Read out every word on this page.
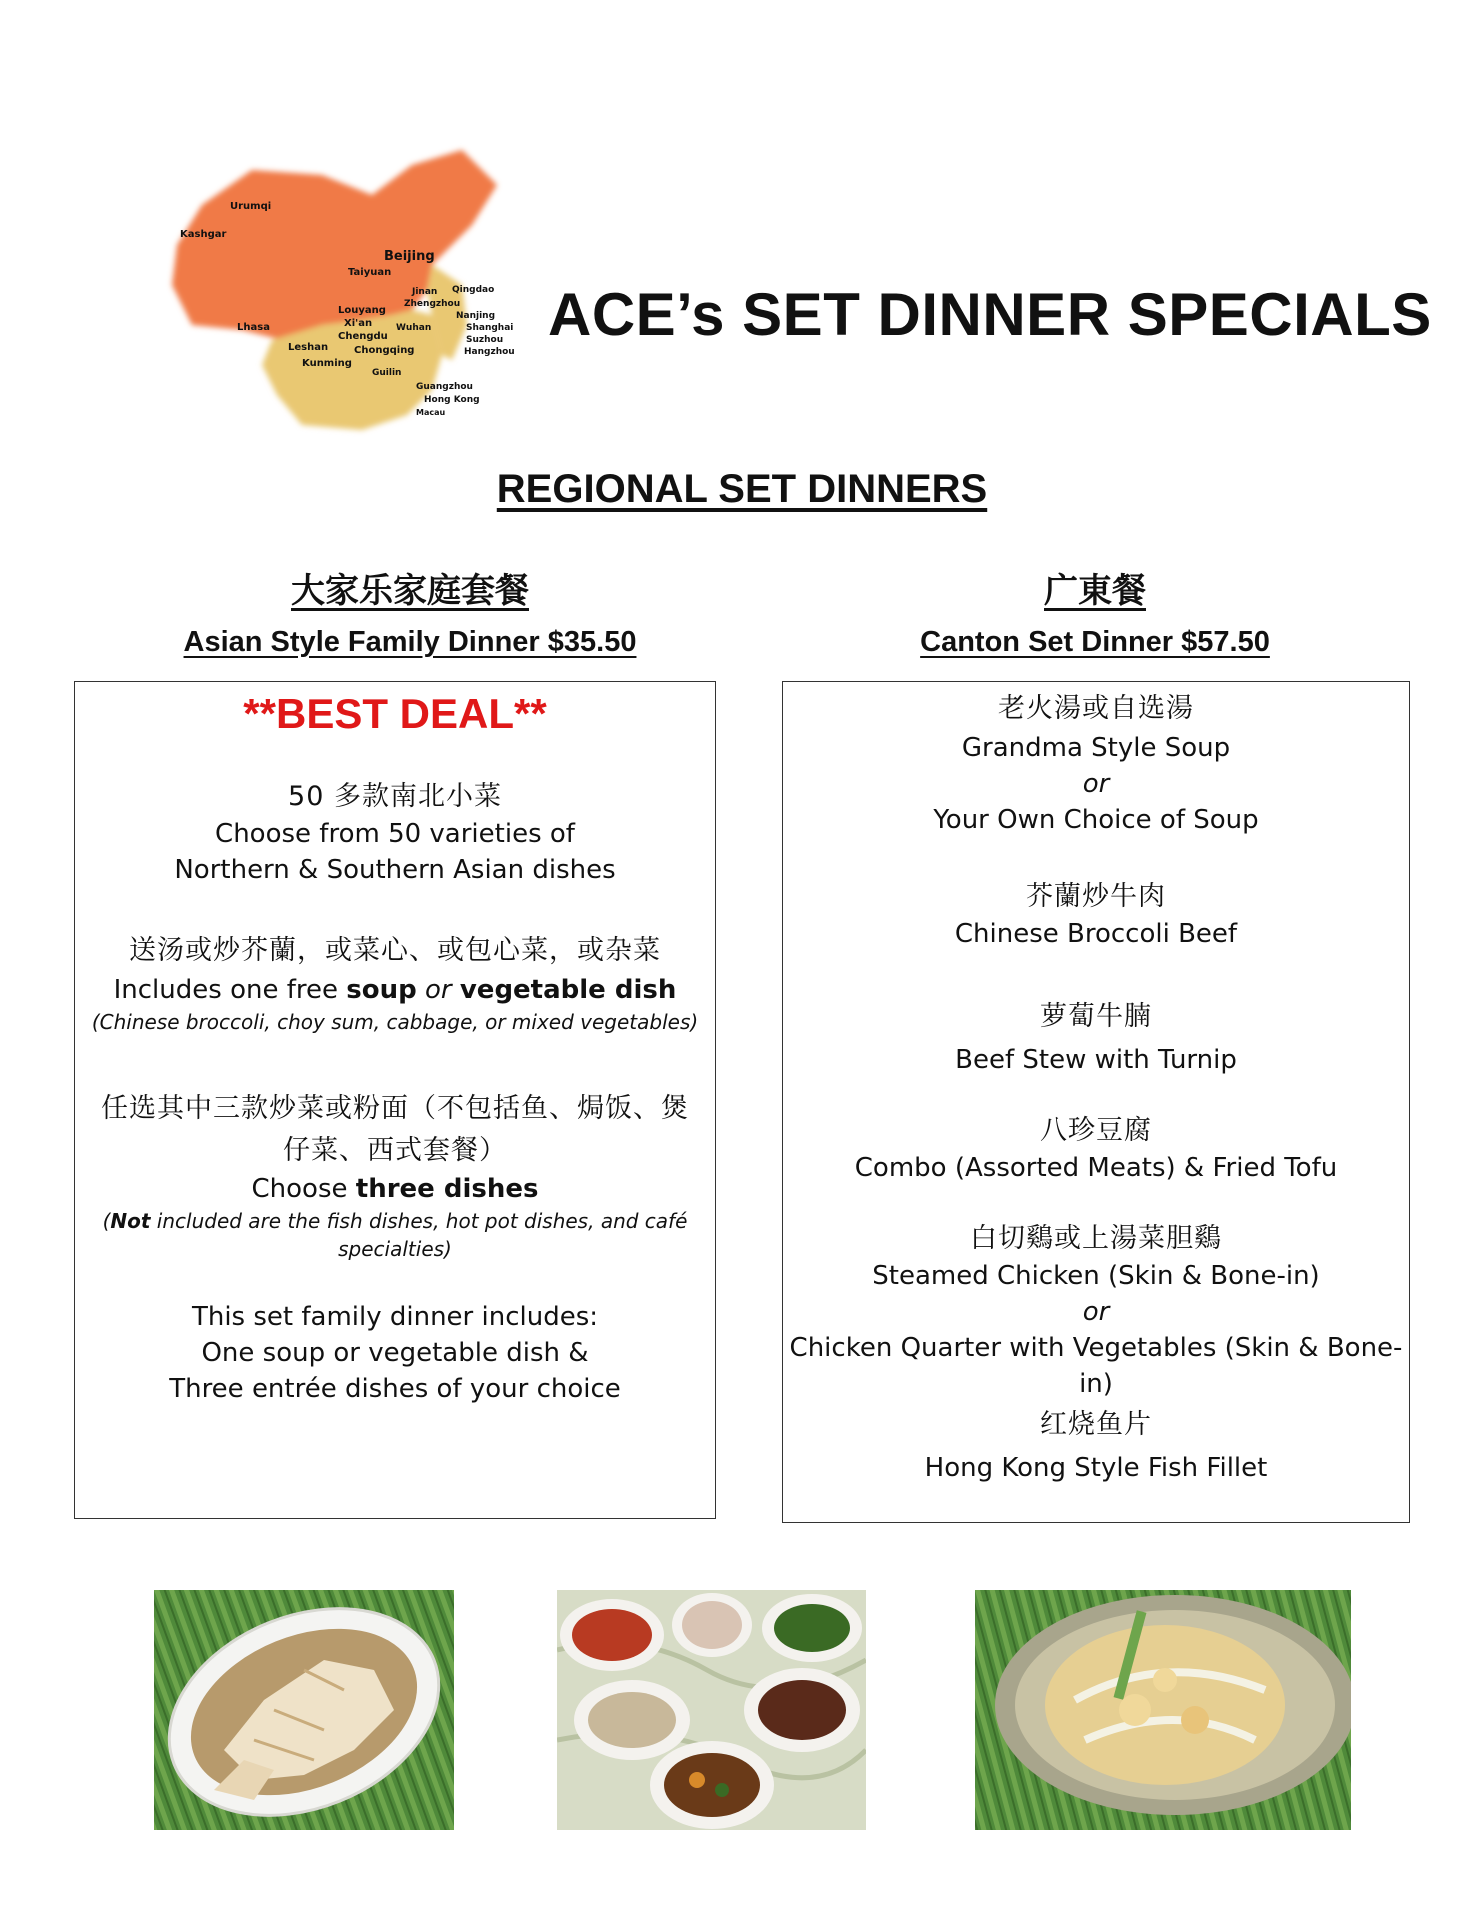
Urumqi
Kashgar
Beijing
Taiyuan
Jinan Qingdao
Zhengzhou
Louyang
Xi'an
Nanjing
Chengdu
Wuhan	Shanghai
Suzhou
Lhasa
Hangzhou
Leshan	Chongqing
Kunming
Guilin
Guangzhou
Hong Kong
Macau
ACE’s SET DINNER SPECIALS
REGIONAL SET DINNERS
大家乐家庭套餐
Asian Style Family Dinner $35.50
广東餐
Canton Set Dinner $57.50
**BEST DEAL**
50 多款南北小菜
Choose from 50 varieties of
Northern & Southern Asian dishes
送汤或炒芥蘭，或菜心、或包心菜，或杂菜
Includes one free soup or vegetable dish
(Chinese broccoli, choy sum, cabbage, or mixed vegetables)
任选其中三款炒菜或粉面（不包括鱼、焗饭、煲
仔菜、西式套餐）
Choose three dishes
(Not included are the fish dishes, hot pot dishes, and café
specialties)
This set family dinner includes:
One soup or vegetable dish &
Three entrée dishes of your choice
老火湯或自选湯
Grandma Style Soup
or
Your Own Choice of Soup
芥蘭炒牛肉
Chinese Broccoli Beef
萝蔔牛腩
Beef Stew with Turnip
八珍豆腐
Combo (Assorted Meats) & Fried Tofu
白切鷄或上湯菜胆鷄
Steamed Chicken (Skin & Bone-in)
or
Chicken Quarter with Vegetables (Skin & Bone-in)
红烧鱼片
Hong Kong Style Fish Fillet
